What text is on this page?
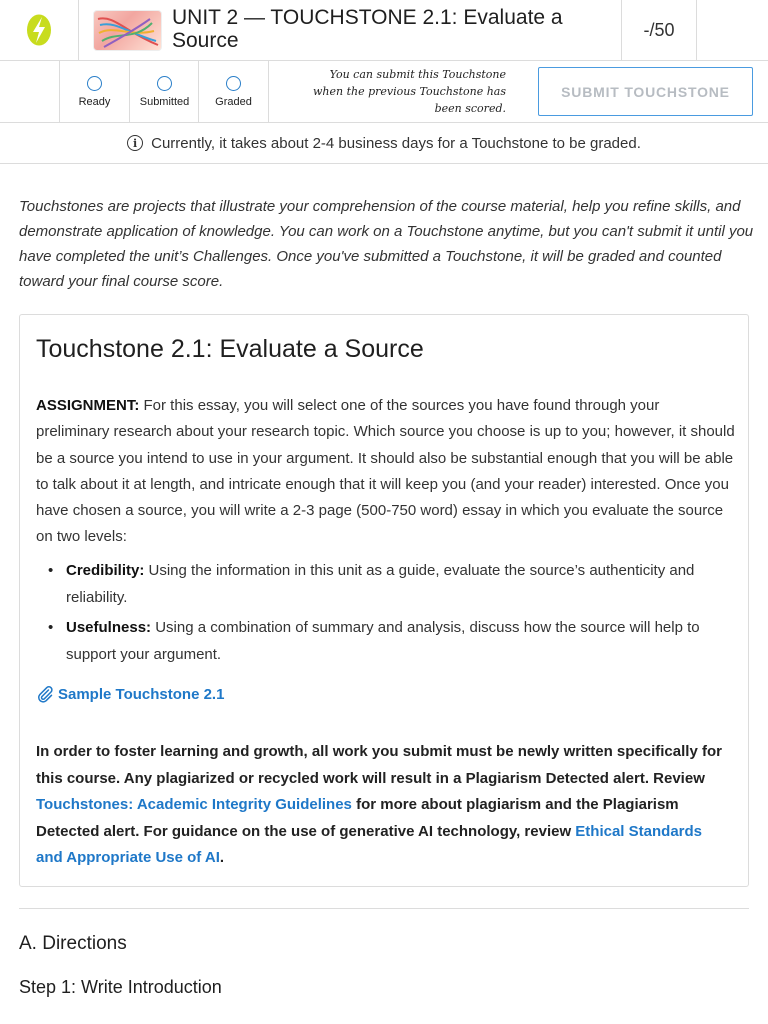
UNIT 2 — TOUCHSTONE 2.1: Evaluate a Source	-/50
Ready	Submitted Graded
You can submit this Touchstone when the previous Touchstone has been scored.
SUBMIT TOUCHSTONE
i Currently, it takes about 2-4 business days for a Touchstone to be graded.
Touchstones are projects that illustrate your comprehension of the course material, help you refine skills, and demonstrate application of knowledge. You can work on a Touchstone anytime, but you can't submit it until you have completed the unit’s Challenges. Once you've submitted a Touchstone, it will be graded and counted toward your final course score.
Touchstone 2.1: Evaluate a Source
ASSIGNMENT: For this essay, you will select one of the sources you have found through your preliminary research about your research topic. Which source you choose is up to you; however, it should be a source you intend to use in your argument. It should also be substantial enough that you will be able to talk about it at length, and intricate enough that it will keep you (and your reader) interested. Once you have chosen a source, you will write a 2-3 page (500-750 word) essay in which you evaluate the source on two levels:
• Credibility: Using the information in this unit as a guide, evaluate the source’s authenticity and reliability.
• Usefulness: Using a combination of summary and analysis, discuss how the source will help to support your argument.
Sample Touchstone 2.1
In order to foster learning and growth, all work you submit must be newly written specifically for this course. Any plagiarized or recycled work will result in a Plagiarism Detected alert. Review Touchstones: Academic Integrity Guidelines for more about plagiarism and the Plagiarism Detected alert. For guidance on the use of generative AI technology, review Ethical Standards and Appropriate Use of AI.
A. Directions
Step 1: Write Introduction
